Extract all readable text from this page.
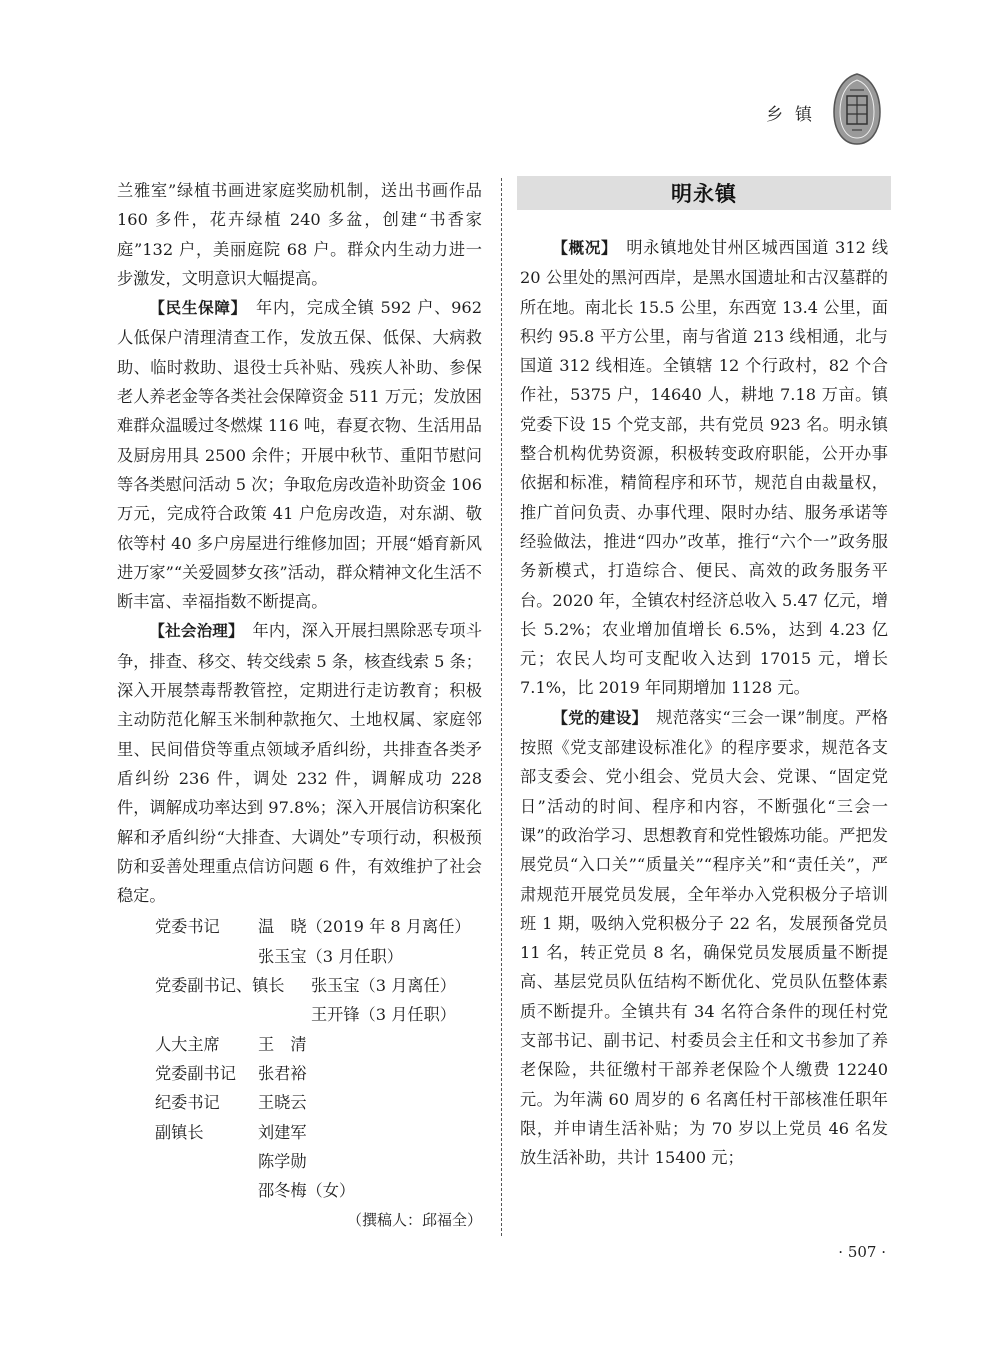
乡镇

兰雅室”绿植书画进家庭奖励机制，送出书画作品 160 多件，花卉绿植 240 多盆，创建“书香家庭”132 户，美丽庭院 68 户。群众内生动力进一步激发，文明意识大幅提高。

【民生保障】　 年内，完成全镇 592 户、962 人低保户清理清查工作，发放五保、低保、大病救助、临时救助、退役士兵补贴、残疾人补助、参保老人养老金等各类社会保障资金 511 万元；发放困难群众温暖过冬燃煤 116 吨，春夏衣物、生活用品及厨房用具 2500 余件；开展中秋节、重阳节慰问等各类慰问活动 5 次；争取危房改造补助资金 106 万元，完成符合政策 41 户危房改造，对东湖、敬依等村 40 多户房屋进行维修加固；开展“婚育新风进万家”“关爱圆梦女孩”活动，群众精神文化生活不断丰富、幸福指数不断提高。

【社会治理】　 年内，深入开展扫黑除恶专项斗争，排查、移交、转交线索 5 条，核查线索 5 条；深入开展禁毒帮教管控，定期进行走访教育；积极主动防范化解玉米制种款拖欠、土地权属、家庭邻里、民间借贷等重点领域矛盾纠纷，共排查各类矛盾纠纷 236 件，调处 232 件，调解成功 228 件，调解成功率达到 97.8%；深入开展信访积案化解和矛盾纠纷“大排查、大调处”专项行动，积极预防和妥善处理重点信访问题 6 件，有效维护了社会稳定。

党委书记	温　晓（2019 年 8 月离任）
张玉宝（3 月任职）
党委副书记、镇长	张玉宝（3 月离任）
王开锋（3 月任职）
人大主席	王　清
党委副书记	张君裕
纪委书记	王晓云
副镇长	刘建军
陈学勋
邵冬梅（女）
（撰稿人：邱福全）
明永镇

【概况】　 明永镇地处甘州区城西国道 312 线 20 公里处的黑河西岸，是黑水国遗址和古汉墓群的所在地。南北长 15.5 公里，东西宽 13.4 公里，面积约 95.8 平方公里，南与省道 213 线相通，北与国道 312 线相连。全镇辖 12 个行政村，82 个合作社，5375 户，14640 人，耕地 7.18 万亩。镇党委下设 15 个党支部，共有党员 923 名。明永镇整合机构优势资源，积极转变政府职能，公开办事依据和标准，精简程序和环节，规范自由裁量权，推广首问负责、办事代理、限时办结、服务承诺等经验做法，推进“四办”改革，推行“六个一”政务服务新模式，打造综合、便民、高效的政务服务平台。2020 年，全镇农村经济总收入 5.47 亿元，增长 5.2%；农业增加值增长 6.5%，达到 4.23 亿元；农民人均可支配收入达到 17015 元，增长 7.1%，比 2019 年同期增加 1128 元。

【党的建设】　 规范落实“三会一课”制度。严格按照《党支部建设标准化》的程序要求，规范各支部支委会、党小组会、党员大会、党课、“固定党日”活动的时间、程序和内容，不断强化“三会一课”的政治学习、思想教育和党性锻炼功能。严把发展党员“入口关”“质量关”“程序关”和“责任关”，严肃规范开展党员发展，全年举办入党积极分子培训班 1 期，吸纳入党积极分子 22 名，发展预备党员 11 名，转正党员 8 名，确保党员发展质量不断提高、基层党员队伍结构不断优化、党员队伍整体素质不断提升。全镇共有 34 名符合条件的现任村党支部书记、副书记、村委员会主任和文书参加了养老保险，共征缴村干部养老保险个人缴费 12240 元。为年满 60 周岁的 6 名离任村干部核准任职年限，并申请生活补贴；为 70 岁以上党员 46 名发放生活补助，共计 15400 元；

· 507 ·
